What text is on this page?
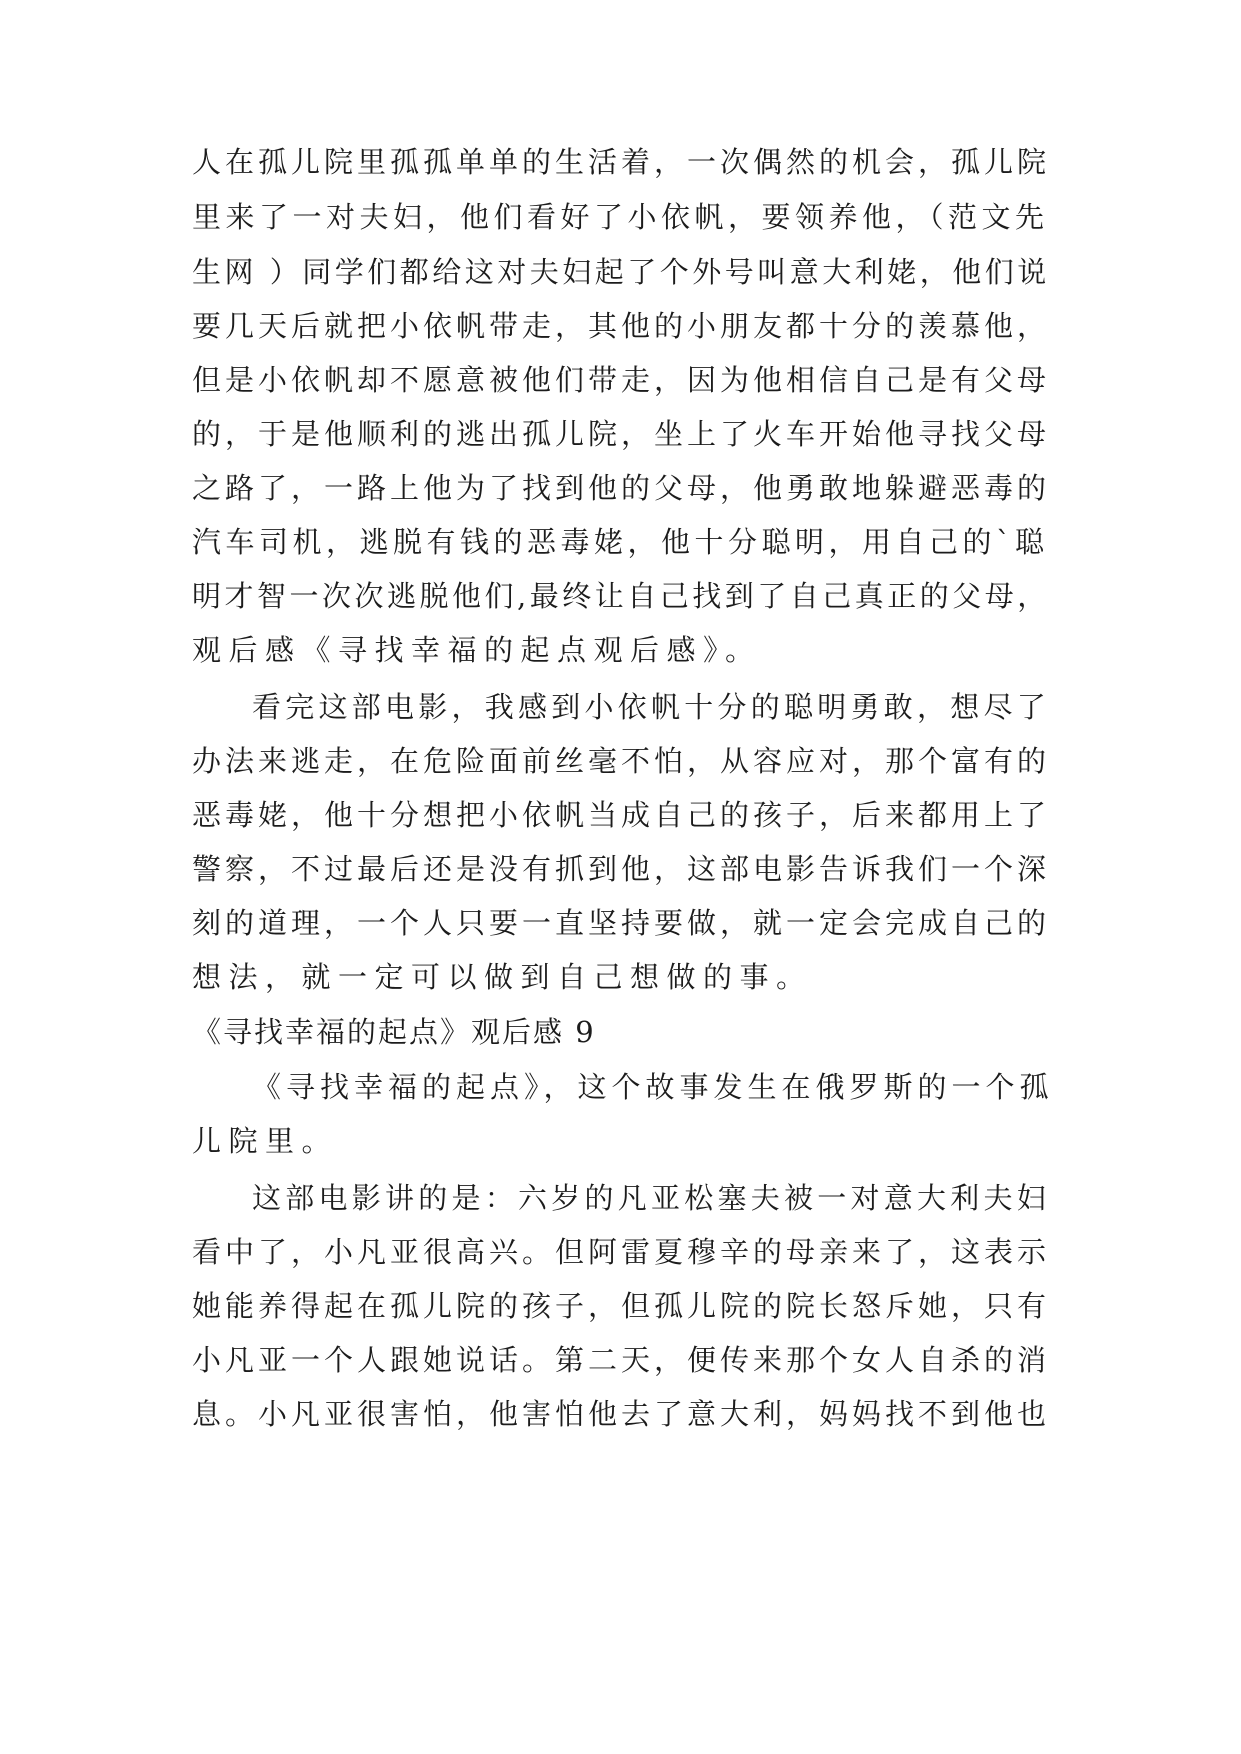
人在孤儿院里孤孤单单的生活着，一次偶然的机会，孤儿院
里来了一对夫妇，他们看好了小依帆，要领养他，（范文先
生网 ）同学们都给这对夫妇起了个外号叫意大利姥，他们说
要几天后就把小依帆带走，其他的小朋友都十分的羡慕他，
但是小依帆却不愿意被他们带走，因为他相信自己是有父母
的，于是他顺利的逃出孤儿院，坐上了火车开始他寻找父母
之路了，一路上他为了找到他的父母，他勇敢地躲避恶毒的
汽车司机，逃脱有钱的恶毒姥，他十分聪明，用自己的`聪
明才智一次次逃脱他们,最终让自己找到了自己真正的父母，
观后感《寻找幸福的起点观后感》。
看完这部电影，我感到小依帆十分的聪明勇敢，想尽了
办法来逃走，在危险面前丝毫不怕，从容应对，那个富有的
恶毒姥，他十分想把小依帆当成自己的孩子，后来都用上了
警察，不过最后还是没有抓到他，这部电影告诉我们一个深
刻的道理，一个人只要一直坚持要做，就一定会完成自己的
想法，就一定可以做到自己想做的事。
《寻找幸福的起点》观后感 9
《寻找幸福的起点》，这个故事发生在俄罗斯的一个孤
儿院里。
这部电影讲的是：六岁的凡亚松塞夫被一对意大利夫妇
看中了，小凡亚很高兴。但阿雷夏穆辛的母亲来了，这表示
她能养得起在孤儿院的孩子，但孤儿院的院长怒斥她，只有
小凡亚一个人跟她说话。第二天，便传来那个女人自杀的消
息。小凡亚很害怕，他害怕他去了意大利，妈妈找不到他也
